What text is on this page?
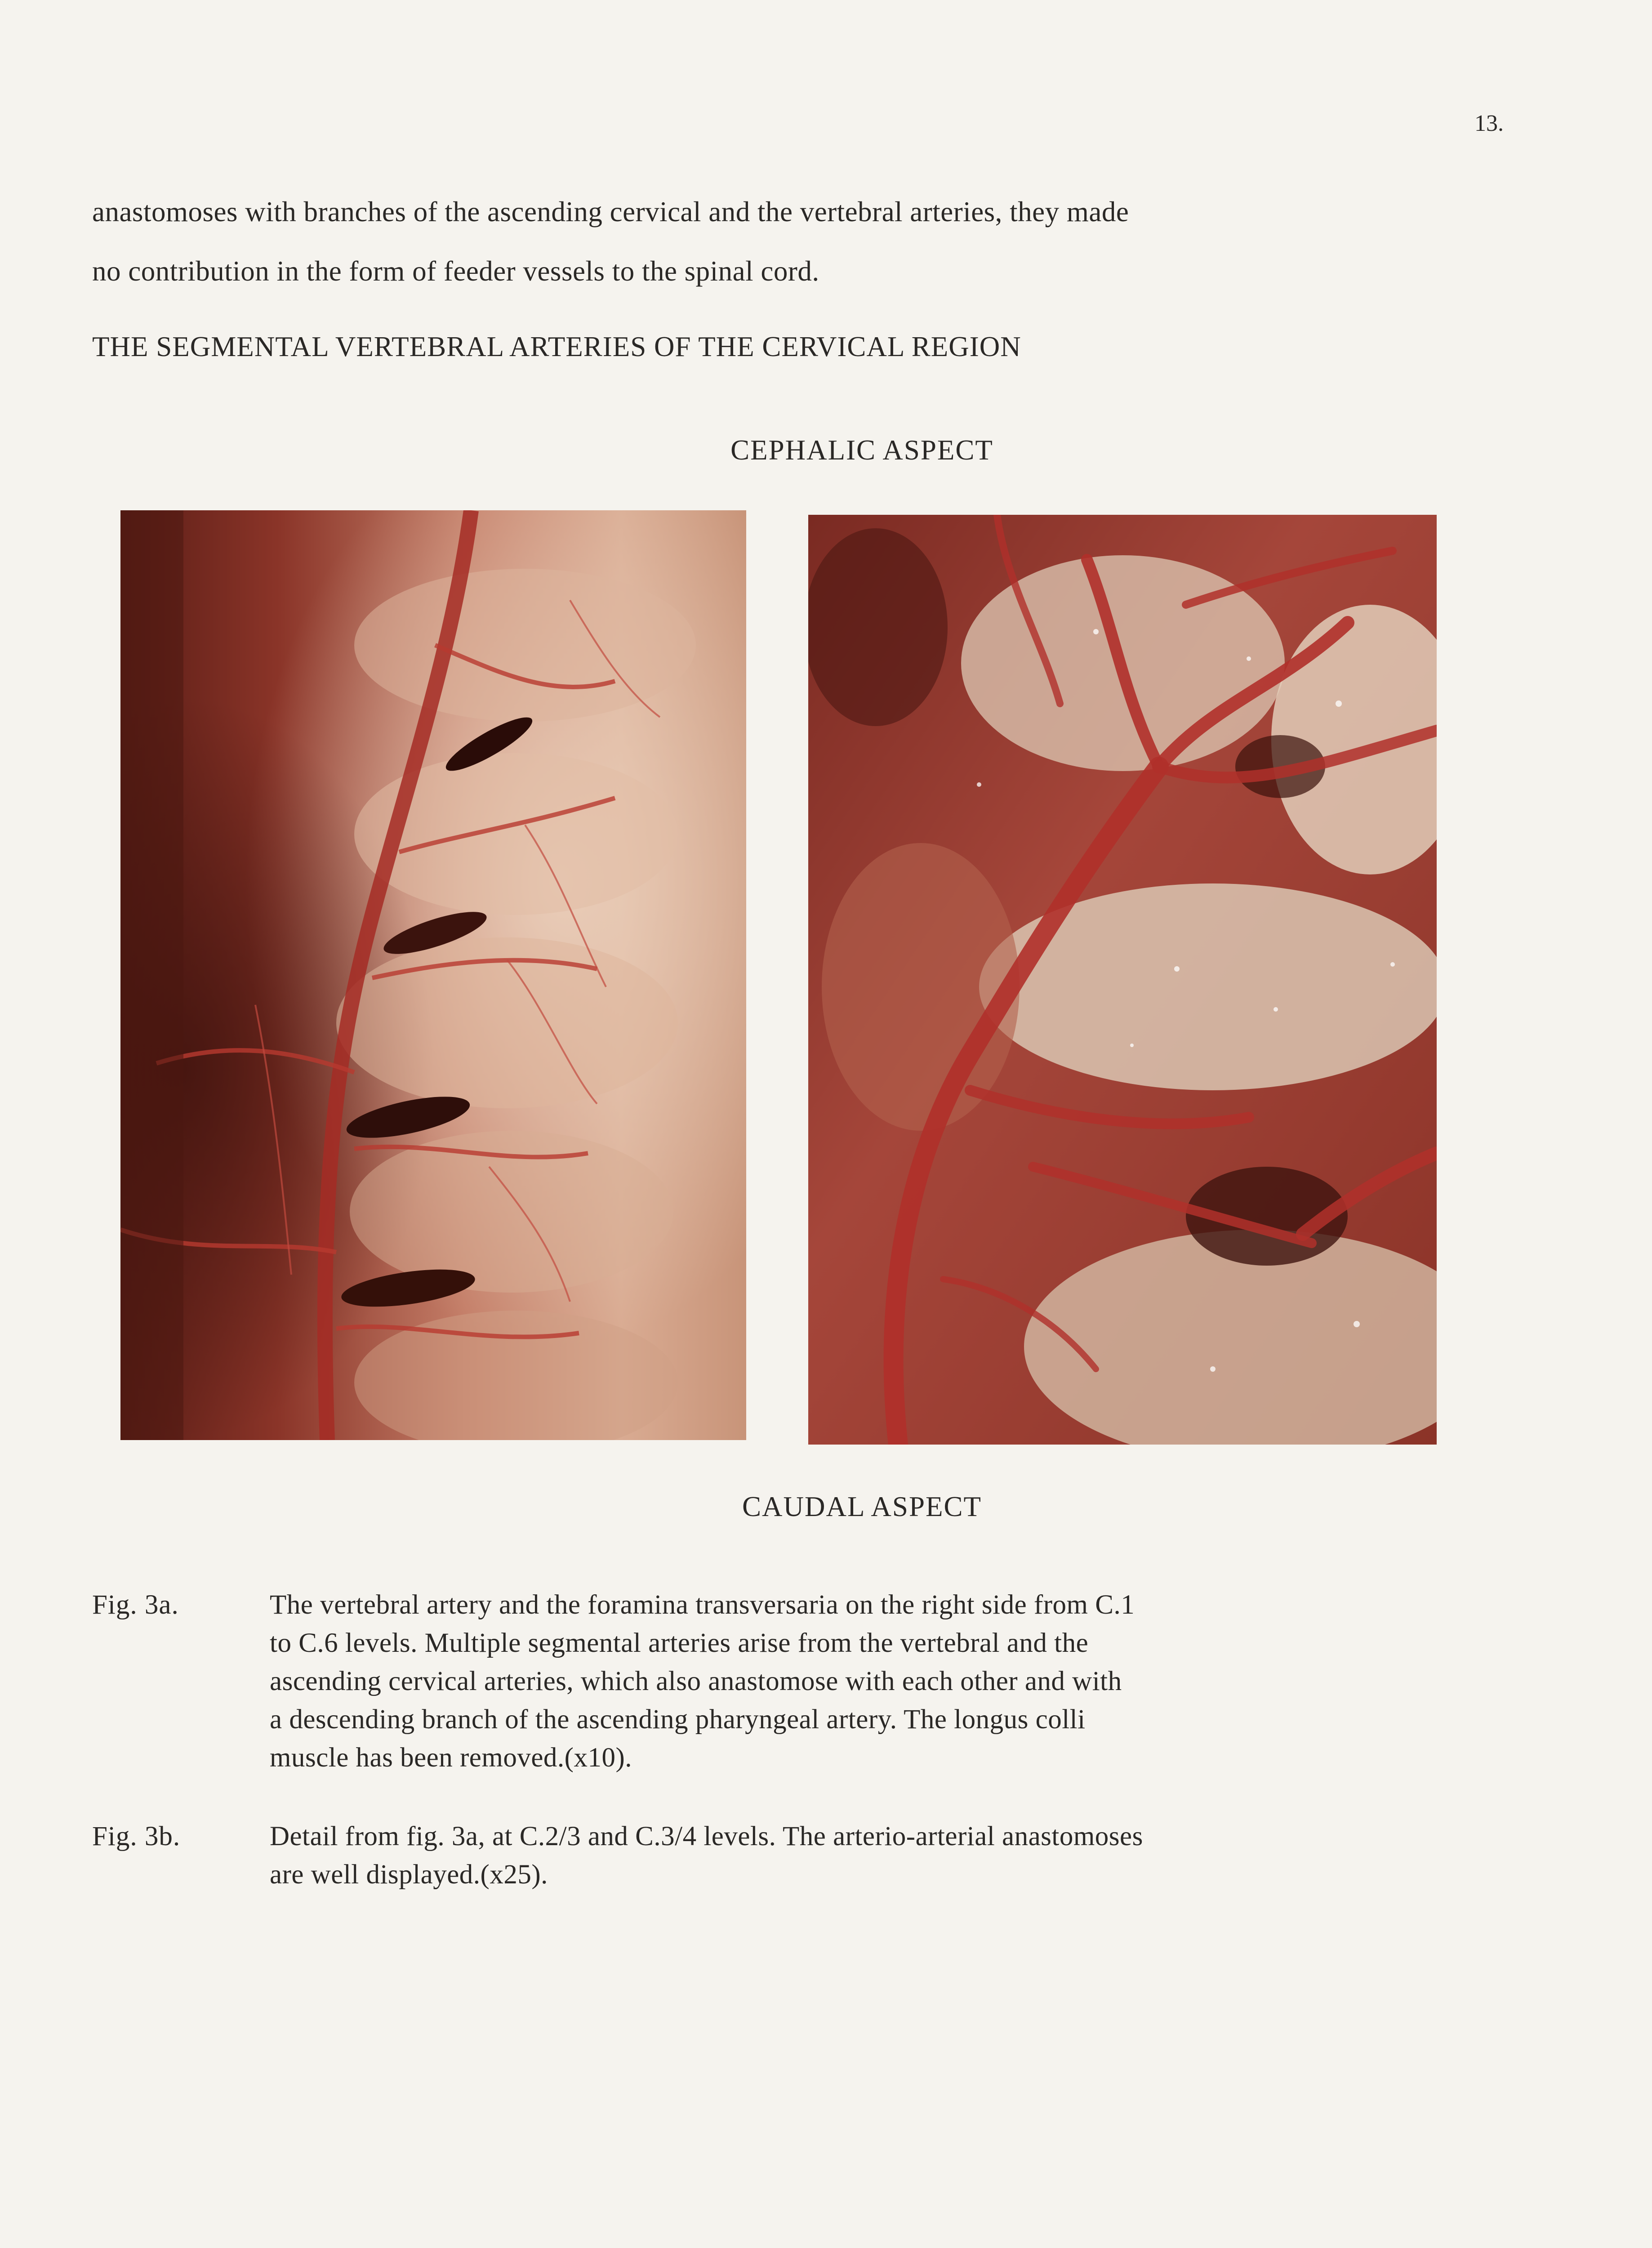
13.
anastomoses with branches of the ascending cervical and the vertebral arteries, they made
no contribution in the form of feeder vessels to the spinal cord.
THE SEGMENTAL VERTEBRAL ARTERIES OF THE CERVICAL REGION
CEPHALIC ASPECT
CAUDAL ASPECT
Fig. 3a.	The vertebral artery and the foramina transversaria on the right side from C.1
to C.6 levels. Multiple segmental arteries arise from the vertebral and the
ascending cervical arteries, which also anastomose with each other and with
a descending branch of the ascending pharyngeal artery. The longus colli
muscle has been removed.(x10).
Fig. 3b.	Detail from fig. 3a, at C.2/3 and C.3/4 levels. The arterio-arterial anastomoses
are well displayed.(x25).
